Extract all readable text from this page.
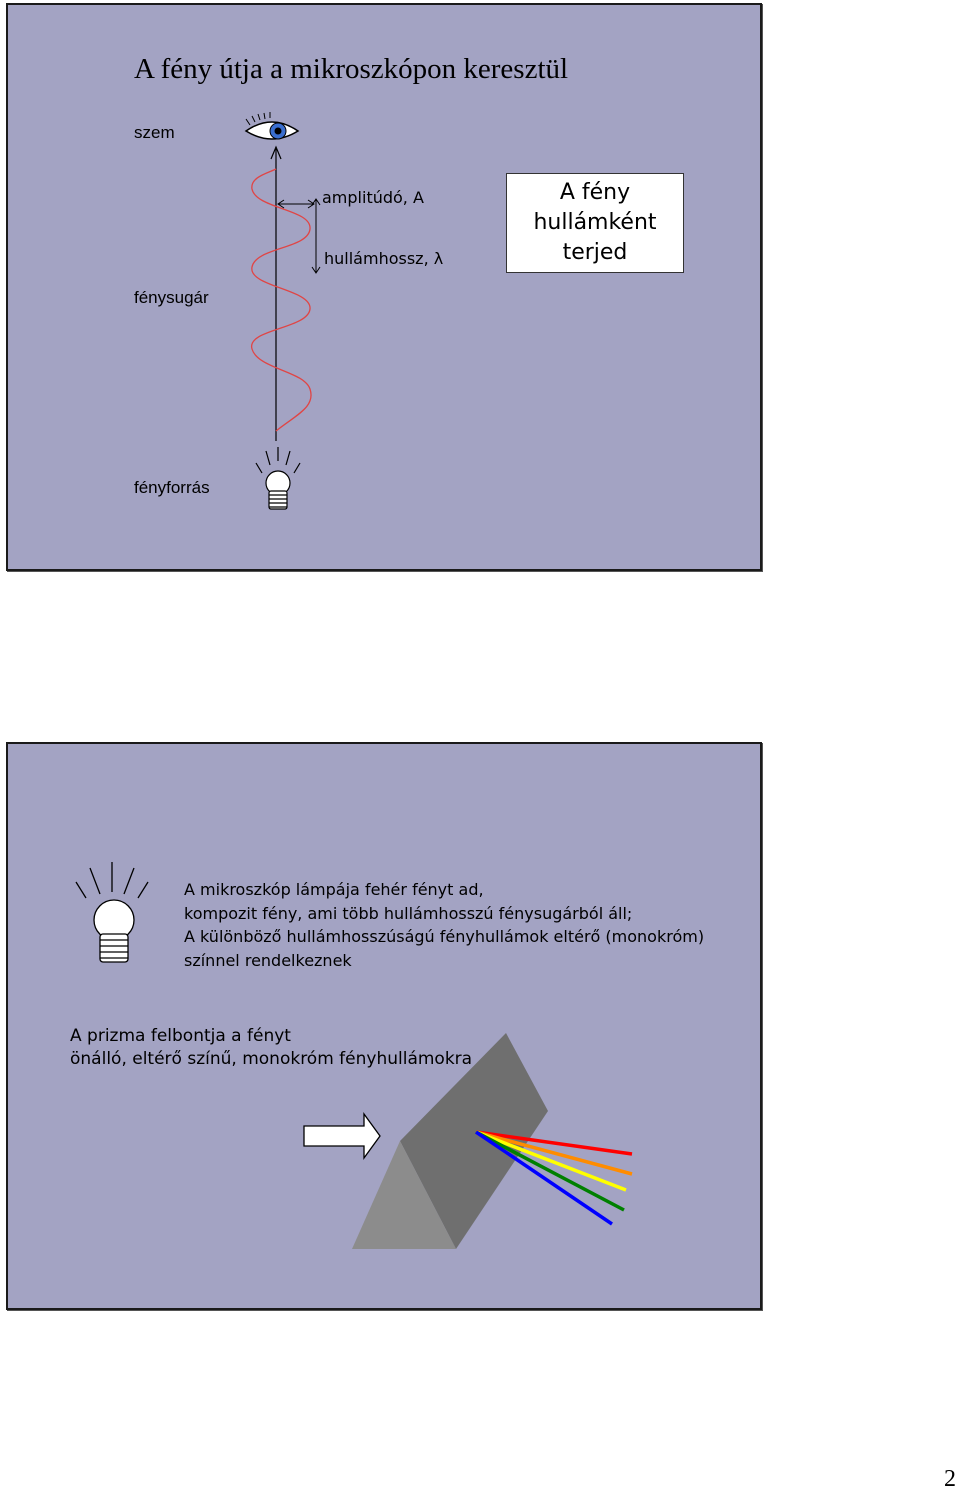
A fény útja a mikroszkópon keresztül
szem
fénysugár
fényforrás
amplitúdó, A
hullámhossz, λ
A fény
hullámként
terjed
A mikroszkóp lámpája fehér fényt ad,
kompozit fény, ami több hullámhosszú fénysugárból áll;
A különböző hullámhosszúságú fényhullámok eltérő (monokróm)
színnel rendelkeznek
A prizma felbontja a fényt
önálló, eltérő színű, monokróm fényhullámokra
2
